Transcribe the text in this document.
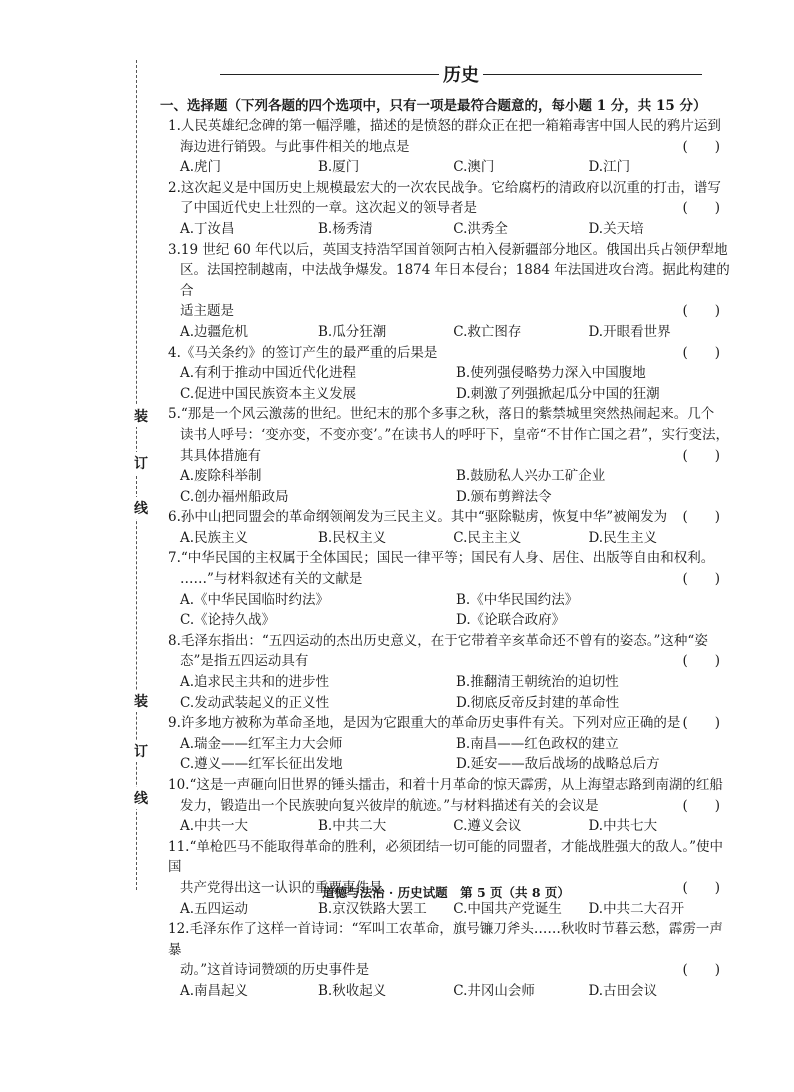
装
订
线
装
订
线
历史
一、选择题（下列各题的四个选项中，只有一项是最符合题意的，每小题 1 分，共 15 分）
1.人民英雄纪念碑的第一幅浮雕，描述的是愤怒的群众正在把一箱箱毒害中国人民的鸦片运到
海边进行销毁。与此事件相关的地点是	(　　)
A.虎门	B.厦门	C.澳门	D.江门
2.这次起义是中国历史上规模最宏大的一次农民战争。它给腐朽的清政府以沉重的打击，谱写
了中国近代史上壮烈的一章。这次起义的领导者是	(　　)
A.丁汝昌	B.杨秀清	C.洪秀全	D.关天培
3.19 世纪 60 年代以后，英国支持浩罕国首领阿古柏入侵新疆部分地区。俄国出兵占领伊犁地
区。法国控制越南，中法战争爆发。1874 年日本侵台；1884 年法国进攻台湾。据此构建的合
适主题是	(　　)
A.边疆危机	B.瓜分狂潮	C.救亡图存	D.开眼看世界
4.《马关条约》的签订产生的最严重的后果是	(　　)
A.有利于推动中国近代化进程	B.使列强侵略势力深入中国腹地
C.促进中国民族资本主义发展	D.刺激了列强掀起瓜分中国的狂潮
5.“那是一个风云激荡的世纪。世纪末的那个多事之秋，落日的紫禁城里突然热闹起来。几个
读书人呼号：‘变亦变，不变亦变’。”在读书人的呼吁下，皇帝“不甘作亡国之君”，实行变法，
其具体措施有	(　　)
A.废除科举制	B.鼓励私人兴办工矿企业
C.创办福州船政局	D.颁布剪辫法令
6.孙中山把同盟会的革命纲领阐发为三民主义。其中“驱除鞑虏，恢复中华”被阐发为 (　　)
A.民族主义	B.民权主义	C.民主主义	D.民生主义
7.“中华民国的主权属于全体国民；国民一律平等；国民有人身、居住、出版等自由和权利。
……”与材料叙述有关的文献是	(　　)
A.《中华民国临时约法》	B.《中华民国约法》
C.《论持久战》	D.《论联合政府》
8.毛泽东指出：“五四运动的杰出历史意义，在于它带着辛亥革命还不曾有的姿态。”这种“姿
态”是指五四运动具有	(　　)
A.追求民主共和的进步性	B.推翻清王朝统治的迫切性
C.发动武装起义的正义性	D.彻底反帝反封建的革命性
9.许多地方被称为革命圣地，是因为它跟重大的革命历史事件有关。下列对应正确的是 (　　)
A.瑞金——红军主力大会师	B.南昌——红色政权的建立
C.遵义——红军长征出发地	D.延安——敌后战场的战略总后方
10.“这是一声砸向旧世界的锤头擂击，和着十月革命的惊天霹雳，从上海望志路到南湖的红船
发力，锻造出一个民族驶向复兴彼岸的航迹。”与材料描述有关的会议是	(　　)
A.中共一大	B.中共二大	C.遵义会议	D.中共七大
11.“单枪匹马不能取得革命的胜利，必须团结一切可能的同盟者，才能战胜强大的敌人。”使中国
共产党得出这一认识的重要事件是	(　　)
A.五四运动	B.京汉铁路大罢工	C.中国共产党诞生	D.中共二大召开
12.毛泽东作了这样一首诗词：“军叫工农革命，旗号镰刀斧头……秋收时节暮云愁，霹雳一声暴
动。”这首诗词赞颂的历史事件是	(　　)
A.南昌起义	B.秋收起义	C.井冈山会师	D.古田会议
道德与法治 · 历史试题　第 5 页（共 8 页）
